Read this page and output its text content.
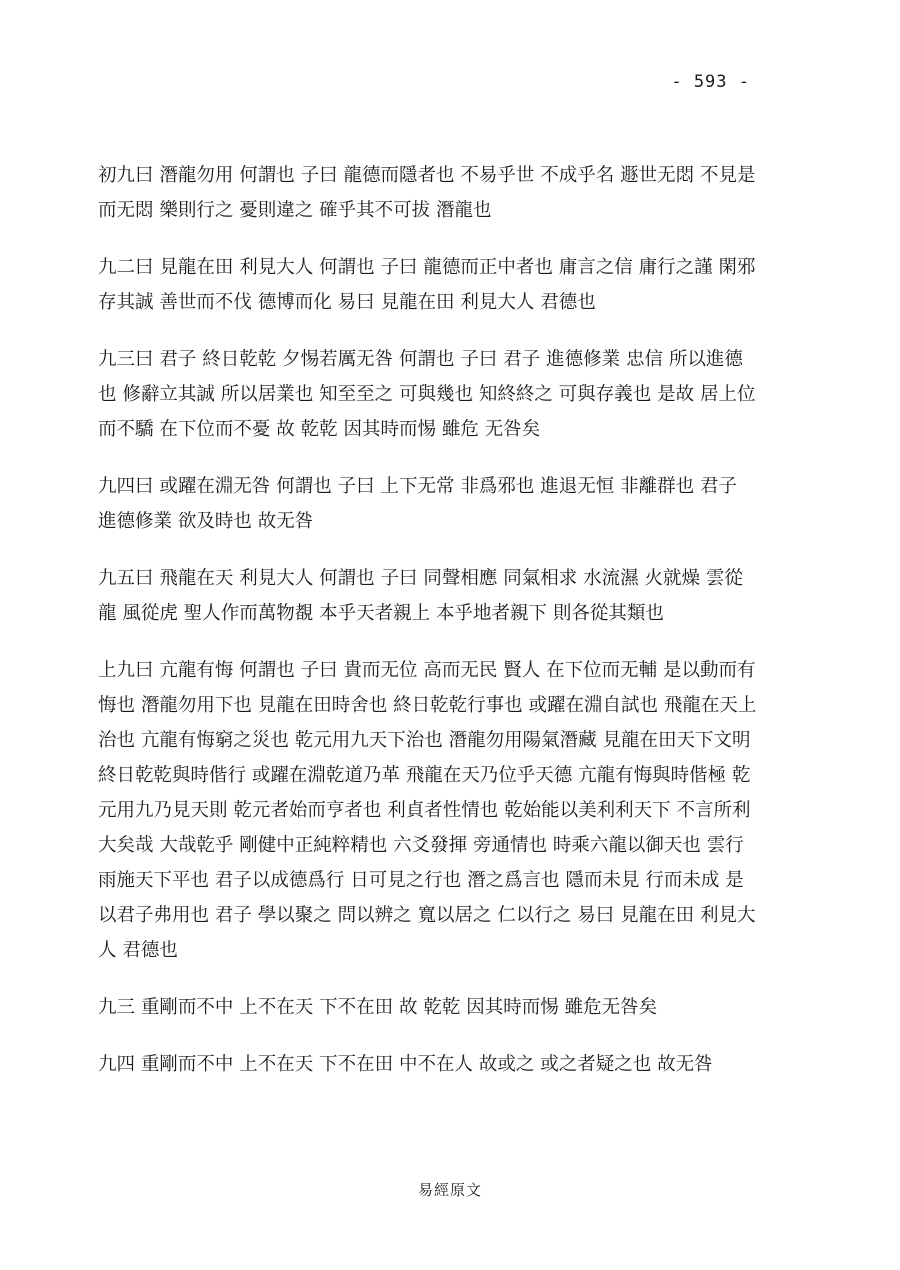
- 593 -

初九曰 潛龍勿用 何謂也 子曰 龍德而隱者也 不易乎世 不成乎名 遯世无悶 不見是而无悶 樂則行之 憂則違之 確乎其不可拔 潛龍也

九二曰 見龍在田 利見大人 何謂也 子曰 龍德而正中者也 庸言之信 庸行之謹 閑邪存其誠 善世而不伐 德博而化 易曰 見龍在田 利見大人 君德也

九三曰 君子 終日乾乾 夕惕若厲无咎 何謂也 子曰 君子 進德修業 忠信 所以進德也 修辭立其誠 所以居業也 知至至之 可與幾也 知終終之 可與存義也 是故 居上位而不驕 在下位而不憂 故 乾乾 因其時而惕 雖危 无咎矣

九四曰 或躍在淵无咎 何謂也 子曰 上下无常 非爲邪也 進退无恒 非離群也 君子 進德修業 欲及時也 故无咎

九五曰 飛龍在天 利見大人 何謂也 子曰 同聲相應 同氣相求 水流濕 火就燥 雲從龍 風從虎 聖人作而萬物覩 本乎天者親上 本乎地者親下 則各從其類也

上九曰 亢龍有悔 何謂也 子曰 貴而无位 高而无民 賢人 在下位而无輔 是以動而有悔也 潛龍勿用下也 見龍在田時舍也 終日乾乾行事也 或躍在淵自試也 飛龍在天上治也 亢龍有悔窮之災也 乾元用九天下治也 潛龍勿用陽氣潛藏 見龍在田天下文明 終日乾乾與時偕行 或躍在淵乾道乃革 飛龍在天乃位乎天德 亢龍有悔與時偕極 乾元用九乃見天則 乾元者始而亨者也 利貞者性情也 乾始能以美利利天下 不言所利大矣哉 大哉乾乎 剛健中正純粹精也 六爻發揮 旁通情也 時乘六龍以御天也 雲行雨施天下平也 君子以成德爲行 日可見之行也 潛之爲言也 隱而未見 行而未成 是以君子弗用也 君子 學以聚之 問以辨之 寬以居之 仁以行之 易曰 見龍在田 利見大人 君德也

九三 重剛而不中 上不在天 下不在田 故 乾乾 因其時而惕 雖危无咎矣

九四 重剛而不中 上不在天 下不在田 中不在人 故或之 或之者疑之也 故无咎

易經原文
